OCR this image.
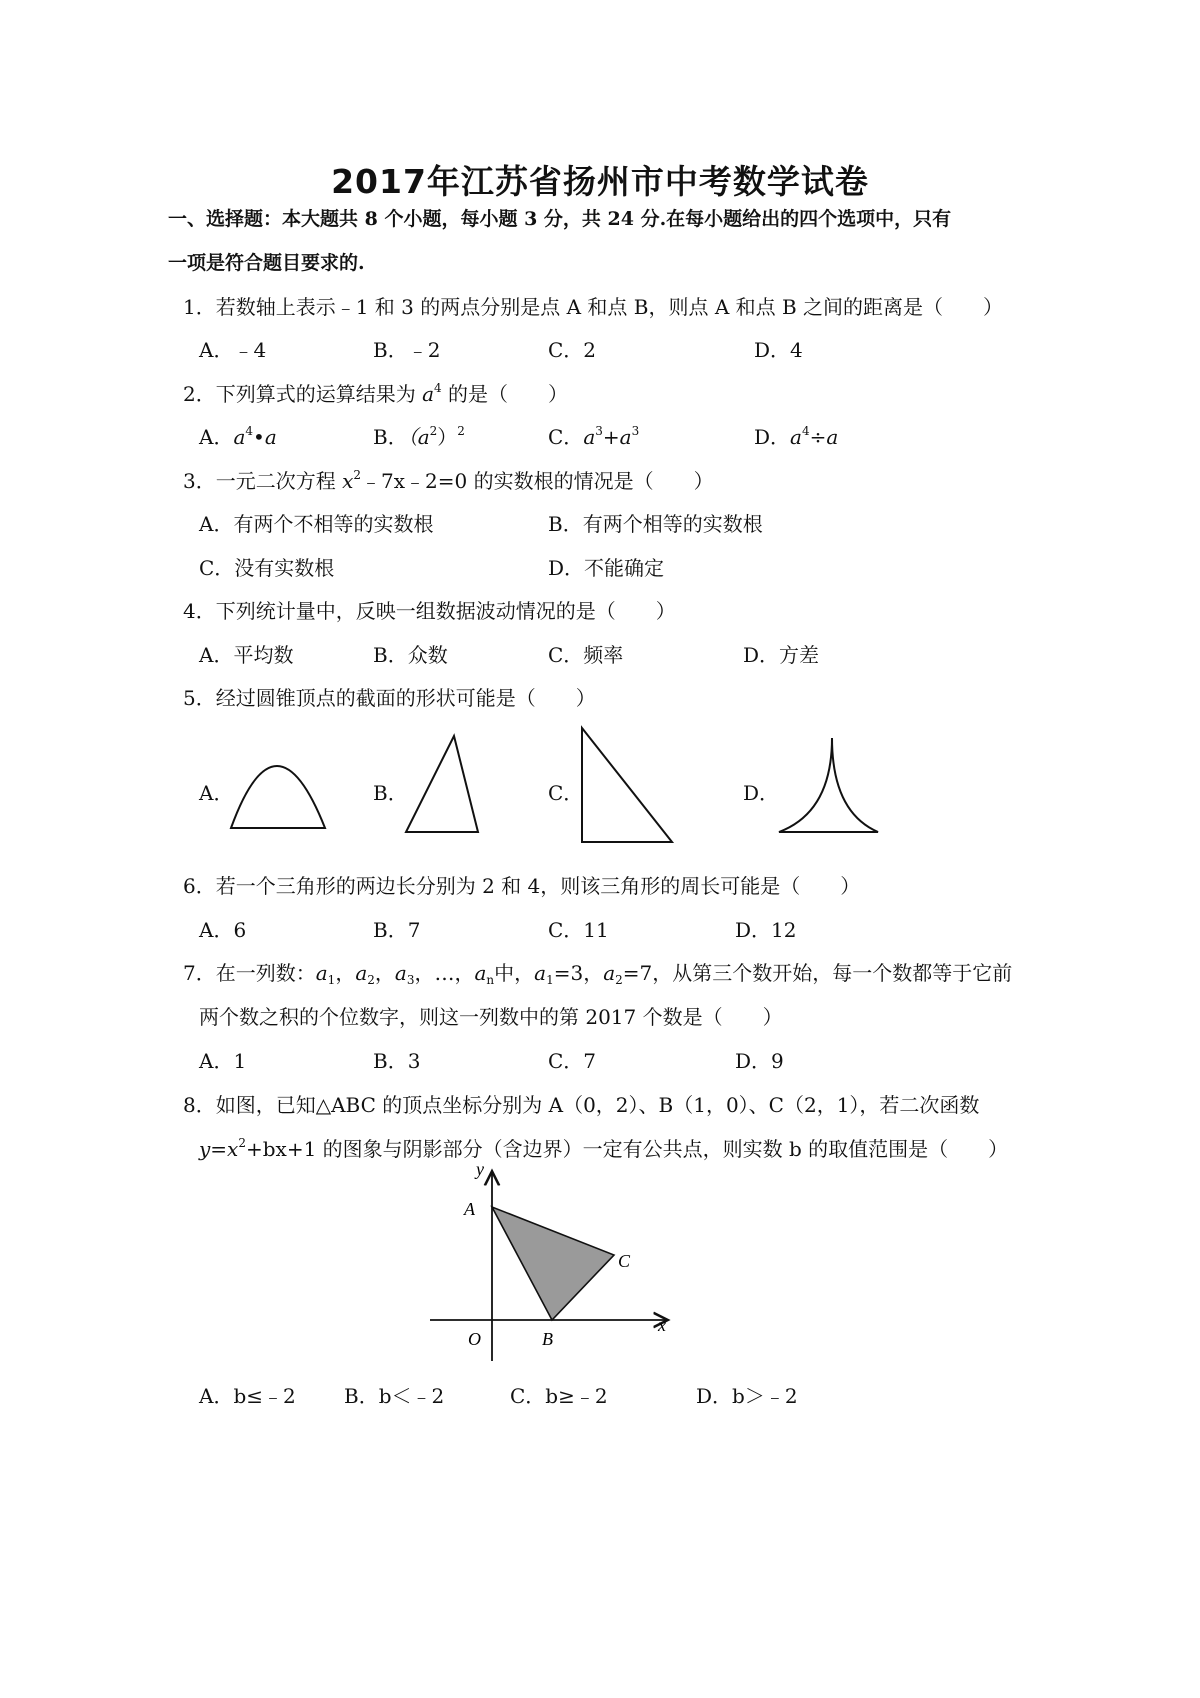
2017年江苏省扬州市中考数学试卷
一、选择题：本大题共 8 个小题，每小题 3 分，共 24 分.在每小题给出的四个选项中，只有
一项是符合题目要求的.
1．若数轴上表示﹣1 和 3 的两点分别是点 A 和点 B，则点 A 和点 B 之间的距离是（　　）
A．﹣4	B．﹣2	C．2	D．4
2．下列算式的运算结果为 $a^4$ 的是（　　）
A．$a^4•a$	B．$(a^2)^2$	C．$a^3+a^3$	D．$a^4\div a$
3．一元二次方程 $x^2﹣7x﹣2=0$ 的实数根的情况是（　　）
A．有两个不相等的实数根	B．有两个相等的实数根
C．没有实数根	D．不能确定
4．下列统计量中，反映一组数据波动情况的是（　　）
A．平均数	B．众数	C．频率	D．方差
5．经过圆锥顶点的截面的形状可能是（　　）
A．	B．	C．	D．
6．若一个三角形的两边长分别为 2 和 4，则该三角形的周长可能是（　　）
A．6	B．7	C．11	D．12
7．在一列数：$a_1$，$a_2$，$a_3$，…，$a_n$中，$a_1=3$，$a_2=7$，从第三个数开始，每一个数都等于它前
两个数之积的个位数字，则这一列数中的第 2017 个数是（　　）
A．1	B．3	C．7	D．9
8．如图，已知△ABC 的顶点坐标分别为 A（0，2）、B（1，0）、C（2，1），若二次函数
$y=x^2+bx+1$ 的图象与阴影部分（含边界）一定有公共点，则实数 b 的取值范围是（　　）
y
x
O
A
B
C
A．b≤﹣2 B．b＜﹣2	C．b≥﹣2	D．b＞﹣2
